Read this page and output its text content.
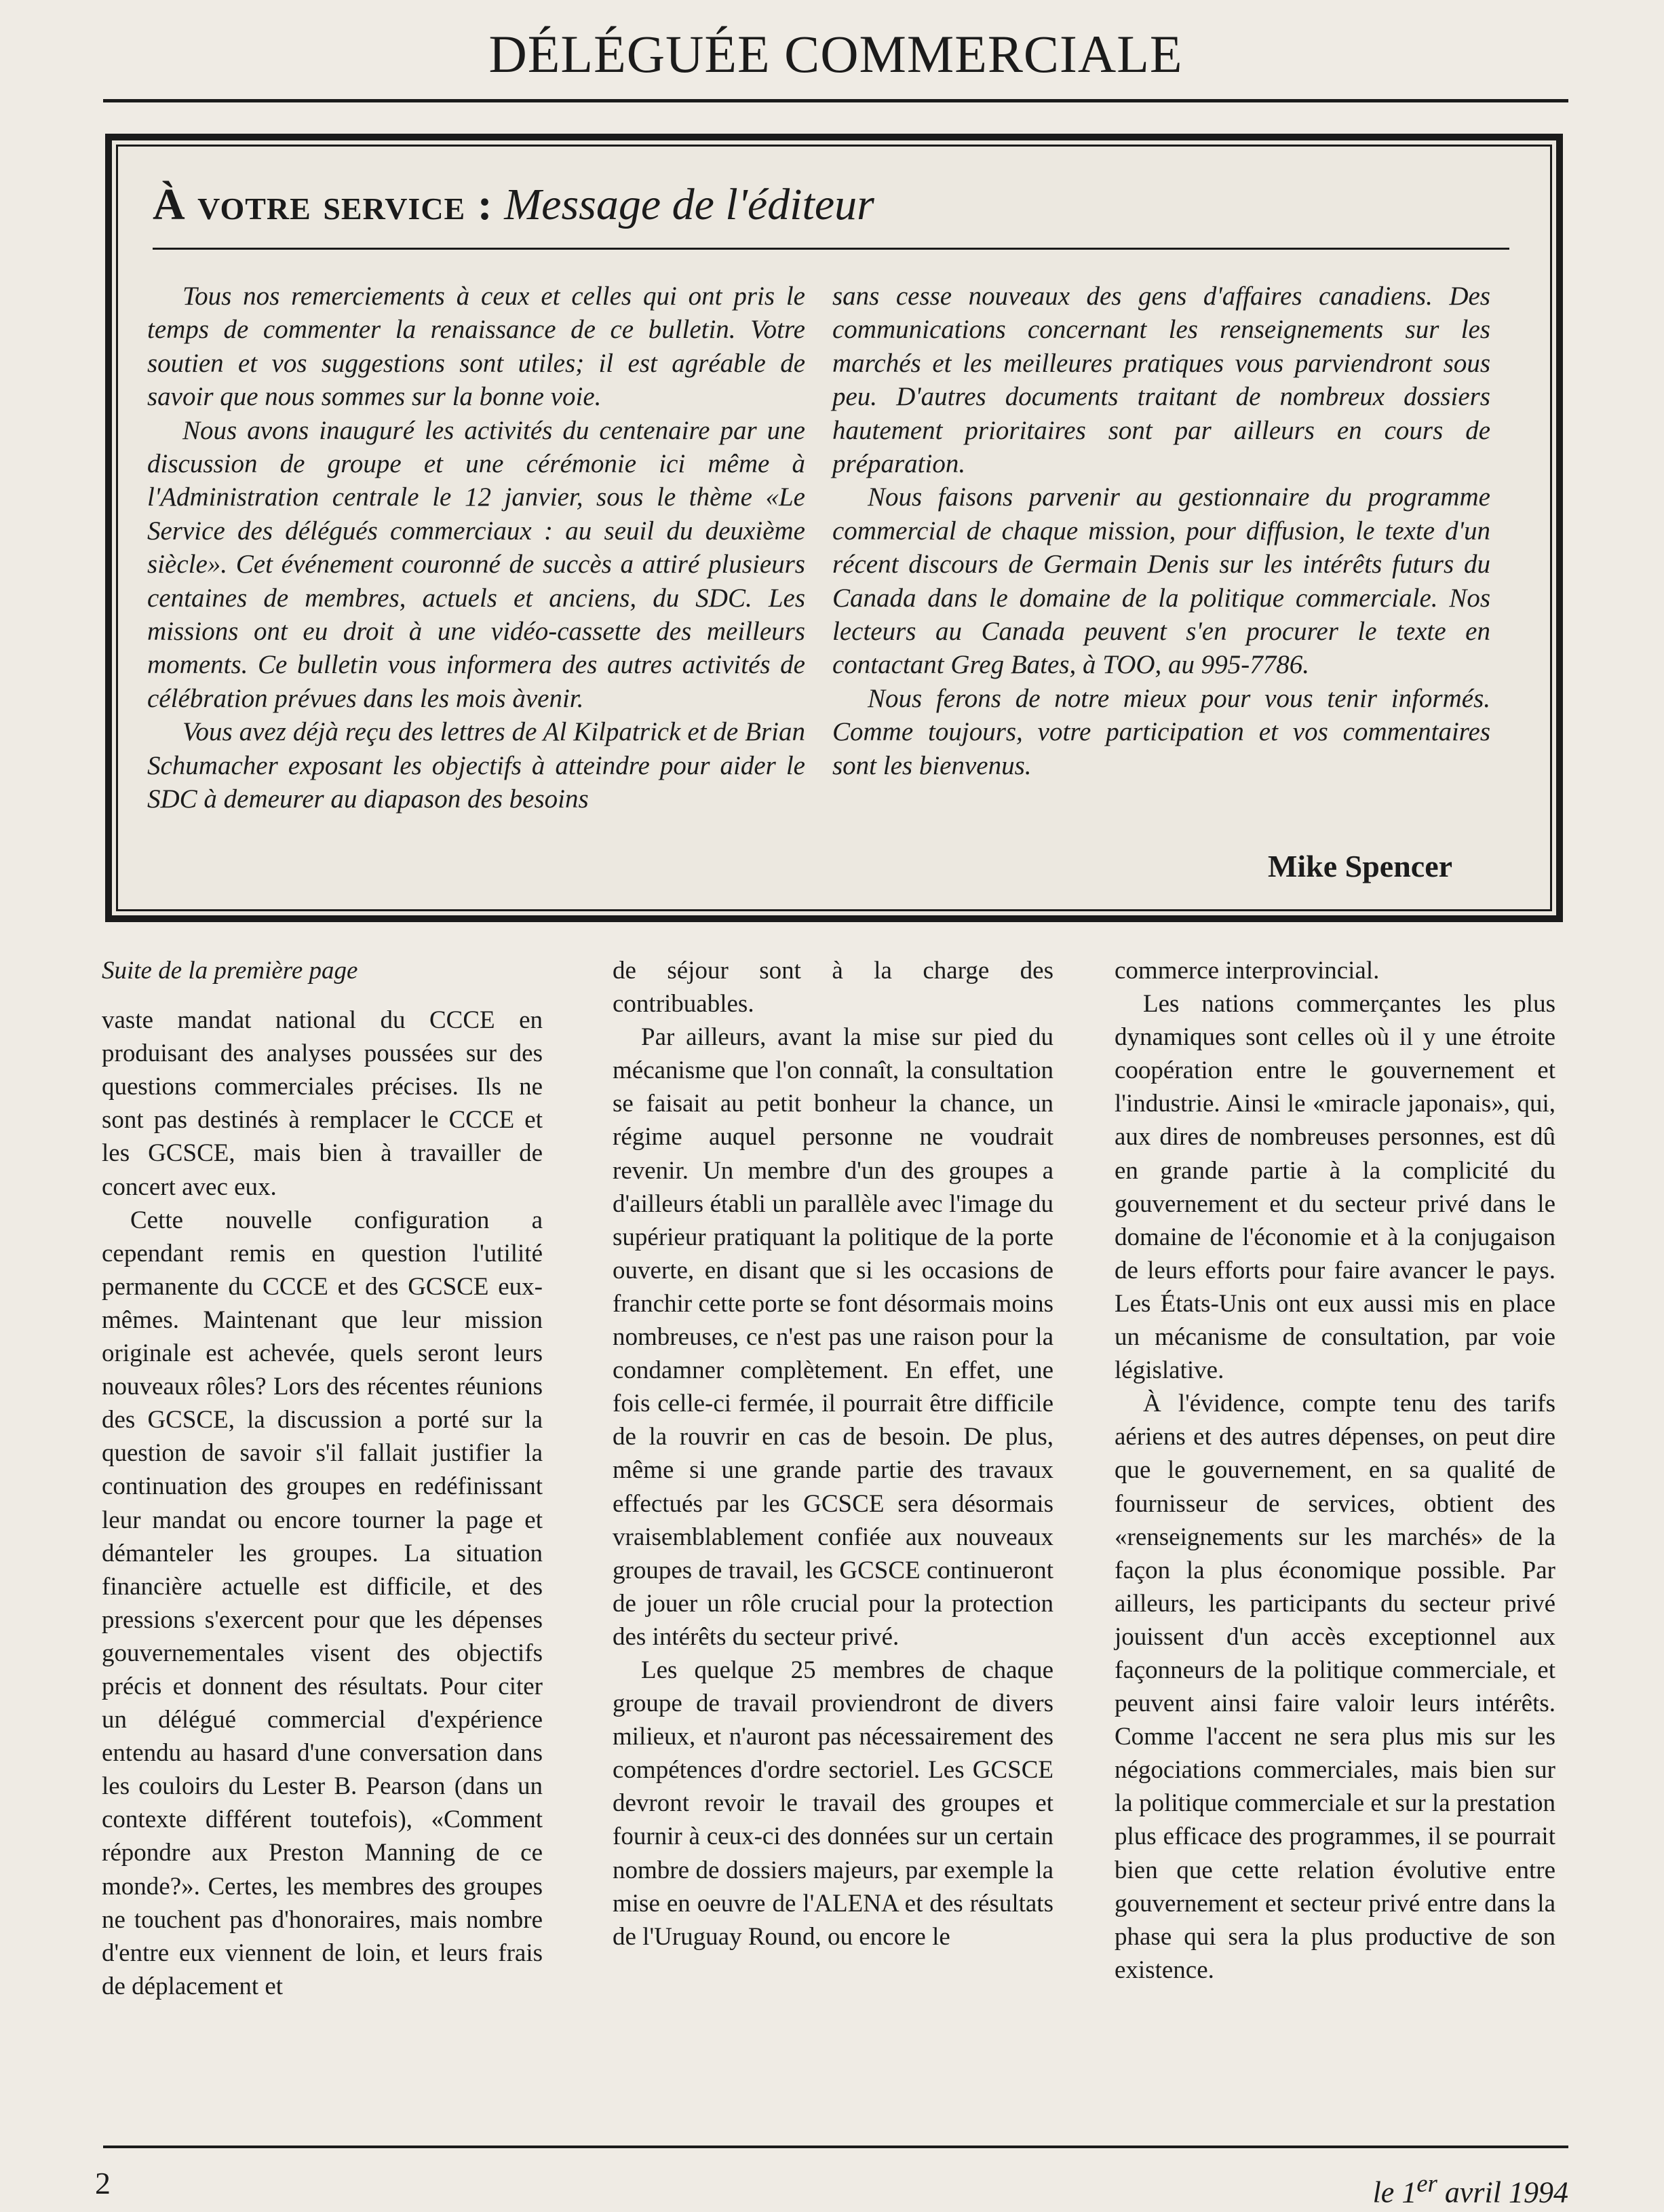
DÉLÉGUÉE COMMERCIALE
À votre service : Message de l'éditeur

Tous nos remerciements à ceux et celles qui ont pris le temps de commenter la renaissance de ce bulletin. Votre soutien et vos suggestions sont utiles; il est agréable de savoir que nous sommes sur la bonne voie.

Nous avons inauguré les activités du centenaire par une discussion de groupe et une cérémonie ici même à l'Administration centrale le 12 janvier, sous le thème «Le Service des délégués commerciaux : au seuil du deuxième siècle». Cet événement couronné de succès a attiré plusieurs centaines de membres, actuels et anciens, du SDC. Les missions ont eu droit à une vidéo-cassette des meilleurs moments. Ce bulletin vous informera des autres activités de célébration prévues dans les mois àvenir.

Vous avez déjà reçu des lettres de Al Kilpatrick et de Brian Schumacher exposant les objectifs à atteindre pour aider le SDC à demeurer au diapason des besoins

sans cesse nouveaux des gens d'affaires canadiens. Des communications concernant les renseignements sur les marchés et les meilleures pratiques vous parviendront sous peu. D'autres documents traitant de nombreux dossiers hautement prioritaires sont par ailleurs en cours de préparation.

Nous faisons parvenir au gestionnaire du programme commercial de chaque mission, pour diffusion, le texte d'un récent discours de Germain Denis sur les intérêts futurs du Canada dans le domaine de la politique commerciale. Nos lecteurs au Canada peuvent s'en procurer le texte en contactant Greg Bates, à TOO, au 995-7786.

Nous ferons de notre mieux pour vous tenir informés. Comme toujours, votre participation et vos commentaires sont les bienvenus.

Mike Spencer

Suite de la première page

vaste mandat national du CCCE en produisant des analyses poussées sur des questions commerciales précises. Ils ne sont pas destinés à remplacer le CCCE et les GCSCE, mais bien à travailler de concert avec eux.

Cette nouvelle configuration a cependant remis en question l'utilité permanente du CCCE et des GCSCE eux-mêmes. Maintenant que leur mission originale est achevée, quels seront leurs nouveaux rôles? Lors des récentes réunions des GCSCE, la discussion a porté sur la question de savoir s'il fallait justifier la continuation des groupes en redéfinissant leur mandat ou encore tourner la page et démanteler les groupes. La situation financière actuelle est difficile, et des pressions s'exercent pour que les dépenses gouvernementales visent des objectifs précis et donnent des résultats. Pour citer un délégué commercial d'expérience entendu au hasard d'une conversation dans les couloirs du Lester B. Pearson (dans un contexte différent toutefois), «Comment répondre aux Preston Manning de ce monde?». Certes, les membres des groupes ne touchent pas d'honoraires, mais nombre d'entre eux viennent de loin, et leurs frais de déplacement et

de séjour sont à la charge des contribuables.

Par ailleurs, avant la mise sur pied du mécanisme que l'on connaît, la consultation se faisait au petit bonheur la chance, un régime auquel personne ne voudrait revenir. Un membre d'un des groupes a d'ailleurs établi un parallèle avec l'image du supérieur pratiquant la politique de la porte ouverte, en disant que si les occasions de franchir cette porte se font désormais moins nombreuses, ce n'est pas une raison pour la condamner complètement. En effet, une fois celle-ci fermée, il pourrait être difficile de la rouvrir en cas de besoin. De plus, même si une grande partie des travaux effectués par les GCSCE sera désormais vraisemblablement confiée aux nouveaux groupes de travail, les GCSCE continueront de jouer un rôle crucial pour la protection des intérêts du secteur privé.

Les quelque 25 membres de chaque groupe de travail proviendront de divers milieux, et n'auront pas nécessairement des compétences d'ordre sectoriel. Les GCSCE devront revoir le travail des groupes et fournir à ceux-ci des données sur un certain nombre de dossiers majeurs, par exemple la mise en oeuvre de l'ALENA et des résultats de l'Uruguay Round, ou encore le

commerce interprovincial.

Les nations commerçantes les plus dynamiques sont celles où il y une étroite coopération entre le gouvernement et l'industrie. Ainsi le «miracle japonais», qui, aux dires de nombreuses personnes, est dû en grande partie à la complicité du gouvernement et du secteur privé dans le domaine de l'économie et à la conjugaison de leurs efforts pour faire avancer le pays. Les États-Unis ont eux aussi mis en place un mécanisme de consultation, par voie législative.

À l'évidence, compte tenu des tarifs aériens et des autres dépenses, on peut dire que le gouvernement, en sa qualité de fournisseur de services, obtient des «renseignements sur les marchés» de la façon la plus économique possible. Par ailleurs, les participants du secteur privé jouissent d'un accès exceptionnel aux façonneurs de la politique commerciale, et peuvent ainsi faire valoir leurs intérêts. Comme l'accent ne sera plus mis sur les négociations commerciales, mais bien sur la politique commerciale et sur la prestation plus efficace des programmes, il se pourrait bien que cette relation évolutive entre gouvernement et secteur privé entre dans la phase qui sera la plus productive de son existence.

2	le 1er avril 1994
